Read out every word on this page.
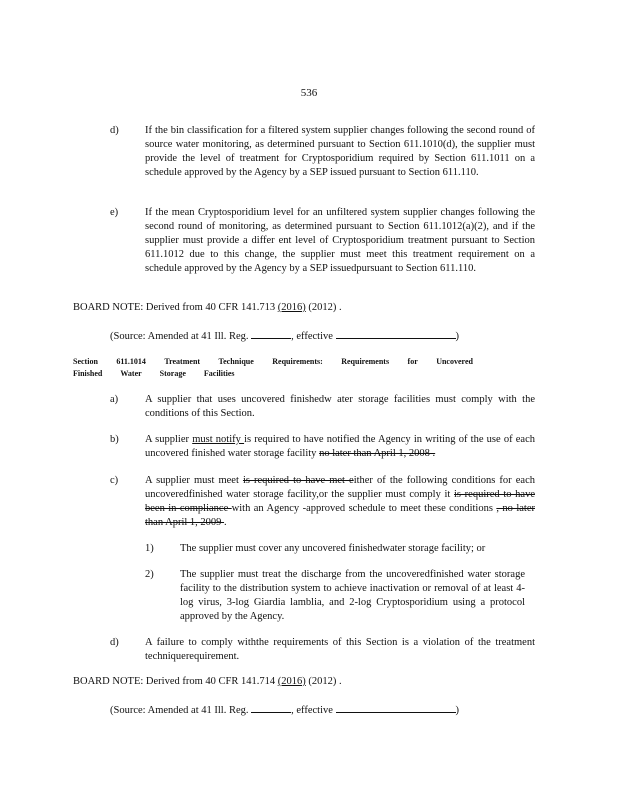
536
d)	If the bin classification for a filtered system supplier changes following the second round of source water monitoring, as determined pursuant to Section 611.1010(d), the supplier must provide the level of treatment for Cryptosporidium required by Section 611.1011 on a schedule approved by the Agency by a SEP issued pursuant to Section 611.110.
e)	If the mean Cryptosporidium level for an unfiltered system supplier changes following the second round of monitoring, as determined pursuant to Section 611.1012(a)(2), and if the supplier must provide a differ ent level of Cryptosporidium treatment pursuant to Section 611.1012 due to this change, the supplier must meet this treatment requirement on a schedule approved by the Agency by a SEP issuedpursuant to Section 611.110.
BOARD NOTE: Derived from 40 CFR 141.713 (2016) (2012) .
(Source: Amended at 41 Ill. Reg.	, effective	)
Section 611.1014 Treatment Technique Requirements: Requirements for Uncovered
Finished Water Storage Facilities
a)	A supplier that uses uncovered finishedw ater storage facilities must comply with the conditions of this Section.
b)	A supplier must notify is required to have notified the Agency in writing of the use of each uncovered finished water storage facility no later than April 1, 2008 .
c)	A supplier must meet is required to have met either of the following conditions for each uncoveredfinished water storage facility,or the supplier must comply it is required to have been in compliance with an Agency -approved schedule to meet these conditions , no later than April 1, 2009 .
1)	The supplier must cover any uncovered finishedwater storage facility; or
2)	The supplier must treat the discharge from the uncoveredfinished water storage facility to the distribution system to achieve inactivation or removal of at least 4- log virus, 3-log Giardia lamblia, and 2-log Cryptosporidium using a protocol approved by the Agency.
d)	A failure to comply withthe requirements of this Section is a violation of the treatment techniquerequirement.
BOARD NOTE: Derived from 40 CFR 141.714 (2016) (2012) .
(Source: Amended at 41 Ill. Reg.	, effective	)
